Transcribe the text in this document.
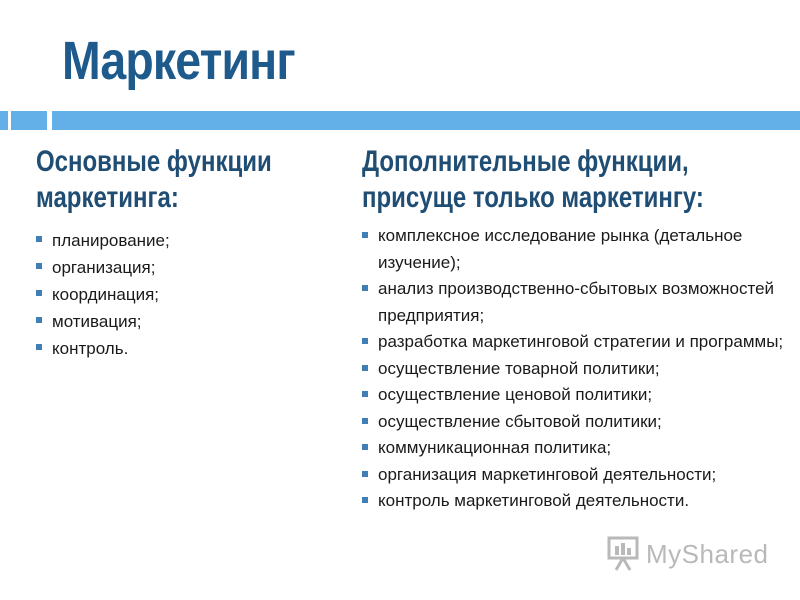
Маркетинг
Основные функции
маркетинга:
планирование;
организация;
координация;
мотивация;
контроль.
Дополнительные функции,
присуще только маркетингу:
комплексное исследование рынка (детальное изучение);
анализ производственно-сбытовых возможностей предприятия;
разработка маркетинговой стратегии и программы;
осуществление товарной политики;
осуществление ценовой политики;
осуществление сбытовой политики;
коммуникационная политика;
организация маркетинговой деятельности;
контроль маркетинговой деятельности.
MyShared
